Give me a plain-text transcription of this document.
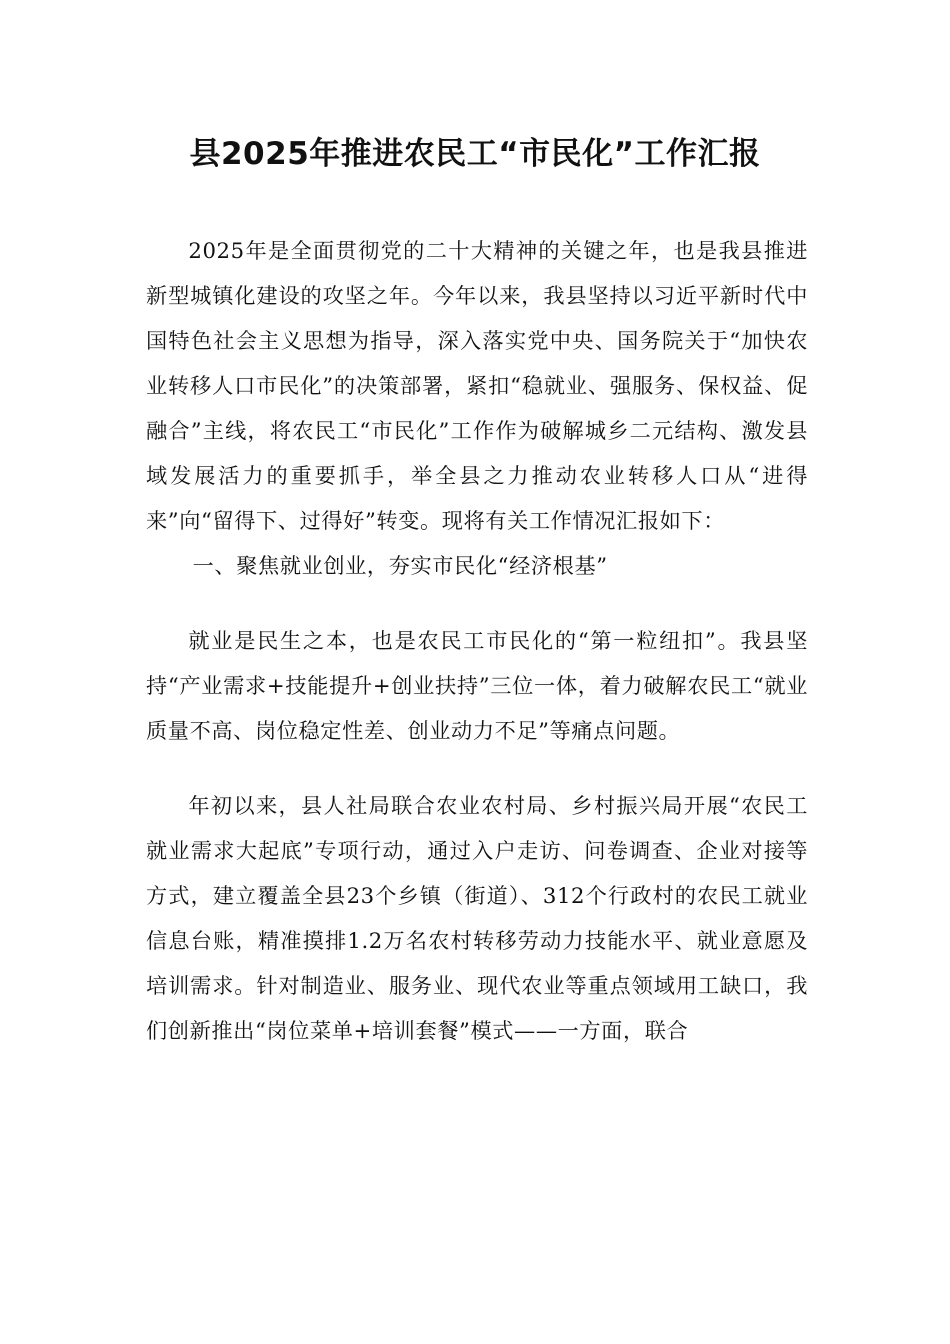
县2025年推进农民工“市民化”工作汇报

2025年是全面贯彻党的二十大精神的关键之年，也是我县推进新型城镇化建设的攻坚之年。今年以来，我县坚持以习近平新时代中国特色社会主义思想为指导，深入落实党中央、国务院关于“加快农业转移人口市民化”的决策部署，紧扣“稳就业、强服务、保权益、促融合”主线，将农民工“市民化”工作作为破解城乡二元结构、激发县域发展活力的重要抓手，举全县之力推动农业转移人口从“进得来”向“留得下、过得好”转变。现将有关工作情况汇报如下：

一、聚焦就业创业，夯实市民化“经济根基”

就业是民生之本，也是农民工市民化的“第一粒纽扣”。我县坚持“产业需求+技能提升+创业扶持”三位一体，着力破解农民工“就业质量不高、岗位稳定性差、创业动力不足”等痛点问题。

年初以来，县人社局联合农业农村局、乡村振兴局开展“农民工就业需求大起底”专项行动，通过入户走访、问卷调查、企业对接等方式，建立覆盖全县23个乡镇（街道）、312个行政村的农民工就业信息台账，精准摸排1.2万名农村转移劳动力技能水平、就业意愿及培训需求。针对制造业、服务业、现代农业等重点领域用工缺口，我们创新推出“岗位菜单+培训套餐”模式——一方面，联合
